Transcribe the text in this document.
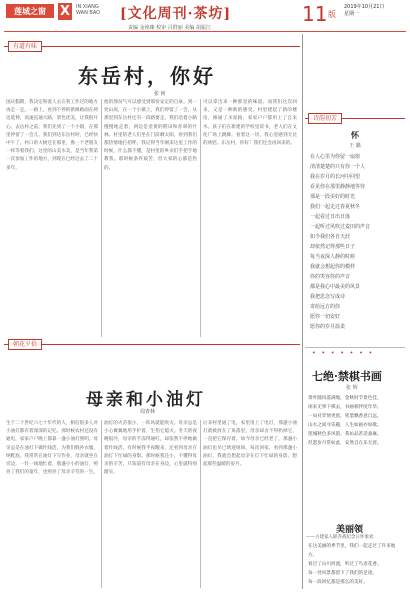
莲城之窗	X	IN XIANG
WAN BAO [文化周刊·茶坊]	11 版
2019年10月21日
星期一
责编 金铭臻 校审 吕群丽 美编 胡振江
有道有味
东岳村，你好
张 何
国庆假期，我决定和爱人去在我工作过的地方再走一走。一路上，看到不停的新修路面在两边延伸，高速直通大路，景色优美，让我很开心。去岳村之前，我们先到了一个小镇，在那里停留了一会儿。我们到达东岳村时，已经快中午了。村口的大树还在那里，像一个老朋友一样等着我们。这里的山美水美，是当年我第一次参加工作的地方，到现在已经过去了二十多年。
他的那份气可以感受到那份安定的自豪。到一处山岗，在一个小镇上，我们停留了一会，从那里到东岳村还有一段路要走。我们沿着小路慢慢地走着，两边是金黄的稻田和青翠的竹林。村里的老人们坐在门前晒太阳，看到我们都热情地打招呼。我记得当年刚来这里工作的时候，什么都不懂，是村里的乡亲们手把手地教我。那时候条件艰苦，但大家的心都是热的。
可以拿出来一种那里的味道。而我们这次回来，又是一种新的感受。村里建起了新的楼房，修通了水泥路，家家户户都用上了自来水。孩子们在新建的学校里读书，老人们在文化广场上跳舞。看着这一切，我心里感到无比的欣慰。东岳村，你好！我们还会再回来的。
朝花夕拾
母亲和小油灯
周青林
生于二十世纪六七十年代的人，相信很多人对小油灯都有着深深的记忆。那时候农村还没有通电，家家户户晚上都靠一盏小油灯照明。母亲总是在油灯下做针线活，为我们缝补衣服、纳鞋底。我常常在油灯下写作业，母亲就坐在旁边，一针一线地忙着。那盏小小的油灯，照亮了我们的童年，也照亮了母亲辛劳的一生。
油灯的火苗很小，一阵风就能吹灭。母亲总是小心翼翼地用手护着，生怕它熄灭。冬天的夜晚很冷，母亲的手冻得通红，却依然不停地做着针线活。有时候我半夜醒来，还看到母亲在油灯下忙碌的身影。那时候我还小，不懂得母亲的辛苦，只知道有母亲在身边，心里就特别踏实。
后来村里通了电，家里用上了电灯，那盏小油灯就被放在了角落里。母亲却舍不得扔掉它，一直把它保存着。如今母亲已经老了，那盏小油灯也早已锈迹斑斑。每次回家，看到那盏小油灯，我就会想起母亲在灯下忙碌的身影，想起那些温暖的岁月。
诗韵初芳
怀
王 璐
在人心里为你留一扇窗
清清楚楚的只有你一个人
我在岁月的长河中回望
看见你在那里静静地等待
那是一段美好的时光
我们一起走过春夏秋冬
一起看过日出日落
一起听过风吹过麦田的声音
如今我们各自天涯
却依然记得那些日子
每当夜深人静的时候
我就会想起你的模样
你的笑容你的声音
都是我心中最美的风景
我把思念写成诗
寄给远方的你
愿你一切安好
愿你的岁月温柔
• • • • • • •
七绝·禁棋书画
张 辉
黄叶随风落满地，金秋时节景色佳。
闲来无事下棋去，书画相伴度年华。
一局对弈情更浓，笔墨飘香意自远。
山水之间寻乐趣，人生如画亦如歌。
莲城秋色多风韵，茶坊品茗话桑麻。
但愿岁月常如此，安然自在乐无涯。
美丽领
——古建家入职乔战纪念日怀象欢
在这美丽的季节里，我们一起走过了许多地方。
看过了山川河流，听过了鸟语花香。
每一处风景都留下了我们的足迹。
每一段回忆都是那么的美好。
